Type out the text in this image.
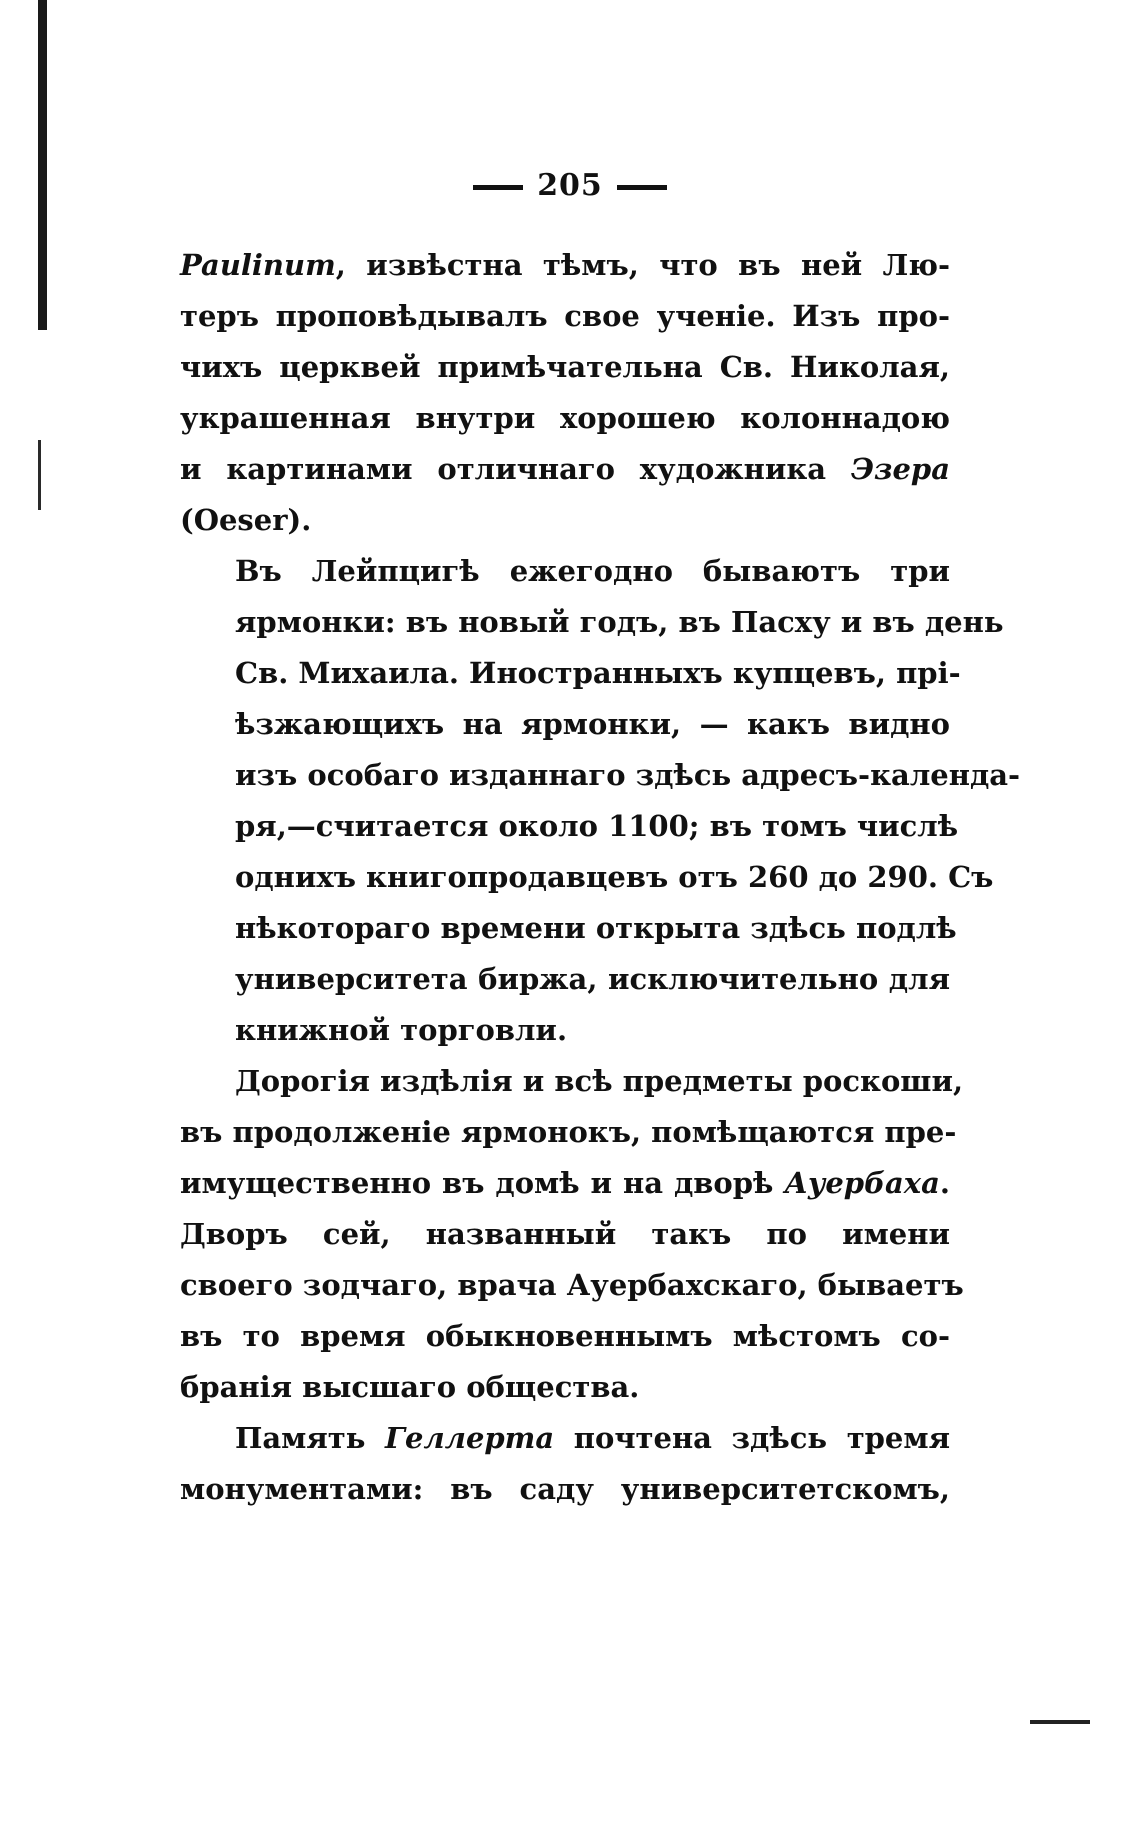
205

Paulinum, извѣстна тѣмъ, что въ ней Лю-
теръ проповѣдывалъ свое ученіе. Изъ про-
чихъ церквей примѣчательна Св. Николая,
украшенная внутри хорошею колоннадою
и картинами отличнаго художника Эзера
(Oeser).

Въ Лейпцигѣ ежегодно бываютъ три
ярмонки: въ новый годъ, въ Пасху и въ день
Св. Михаила. Иностранныхъ купцевъ, прі-
ѣзжающихъ на ярмонки, — какъ видно
изъ особаго изданнаго здѣсь адресъ-календа-
ря,—считается около 1100; въ томъ числѣ
однихъ книгопродавцевъ отъ 260 до 290. Съ
нѣкотораго времени открыта здѣсь подлѣ
университета биржа, исключительно для
книжной торговли.

Дорогія издѣлія и всѣ предметы роскоши,
въ продолженіе ярмонокъ, помѣщаются пре-
имущественно въ домѣ и на дворѣ Ауербаха.
Дворъ сей, названный такъ по имени
своего зодчаго, врача Ауербахскаго, бываетъ
въ то время обыкновеннымъ мѣстомъ со-
бранія высшаго общества.

Память Геллерта почтена здѣсь тремя
монументами: въ саду университетскомъ,
